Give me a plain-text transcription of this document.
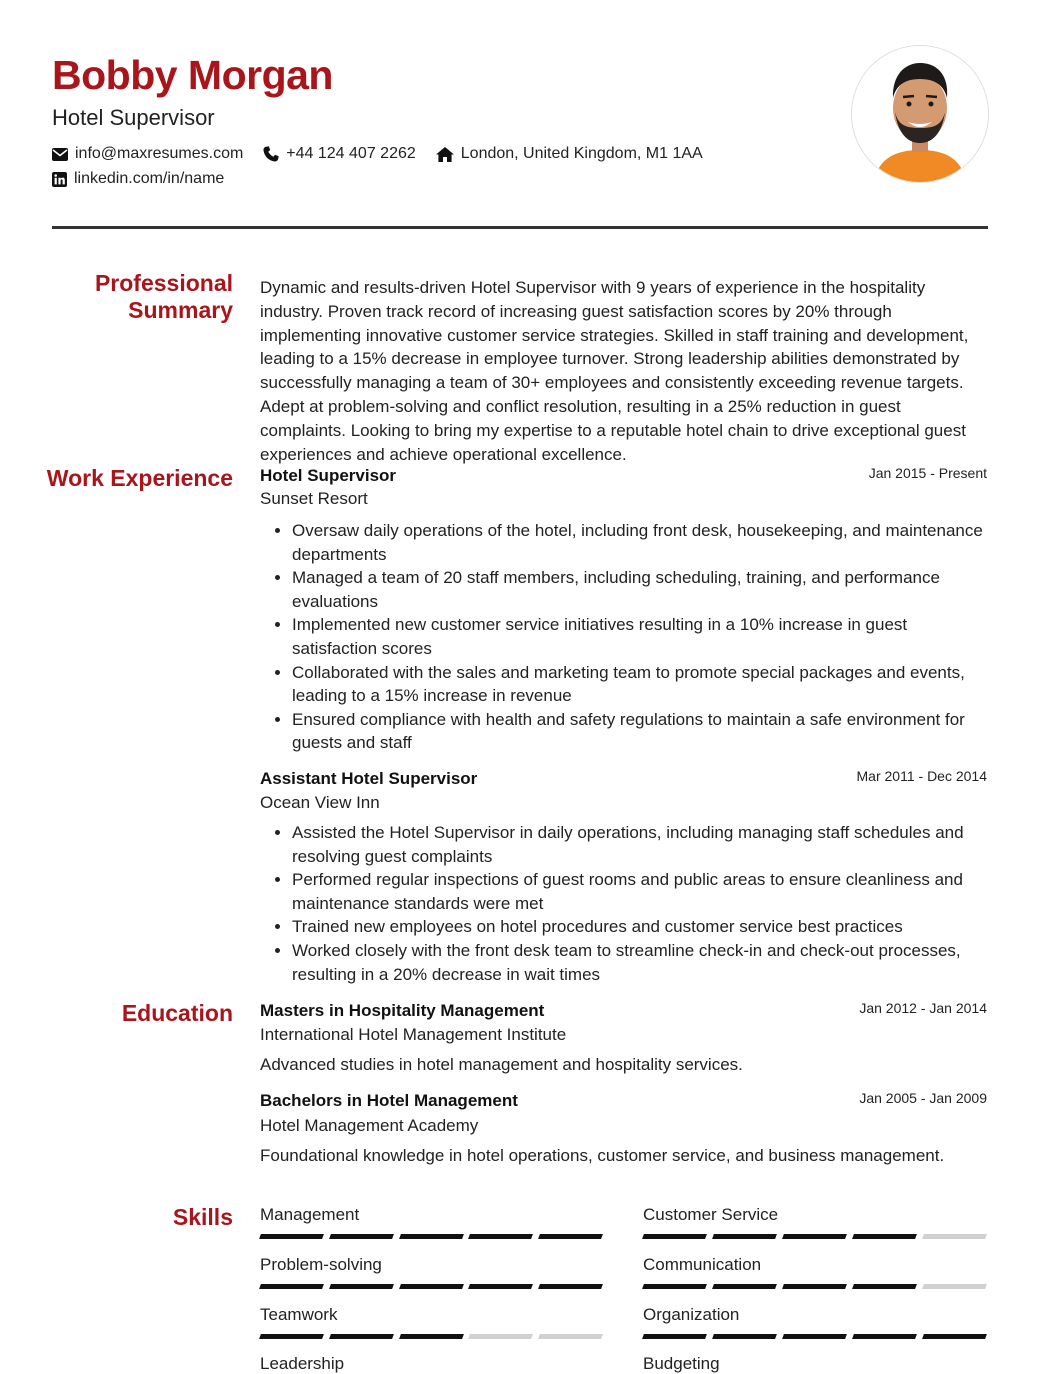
Bobby Morgan
Hotel Supervisor
info@maxresumes.com	+44 124 407 2262	London, United Kingdom, M1 1AA
linkedin.com/in/name
Professional Summary
Dynamic and results-driven Hotel Supervisor with 9 years of experience in the hospitality industry. Proven track record of increasing guest satisfaction scores by 20% through implementing innovative customer service strategies. Skilled in staff training and development, leading to a 15% decrease in employee turnover. Strong leadership abilities demonstrated by successfully managing a team of 30+ employees and consistently exceeding revenue targets. Adept at problem-solving and conflict resolution, resulting in a 25% reduction in guest complaints. Looking to bring my expertise to a reputable hotel chain to drive exceptional guest experiences and achieve operational excellence.
Work Experience Hotel Supervisor	Jan 2015 - Present
Sunset Resort
• Oversaw daily operations of the hotel, including front desk, housekeeping, and maintenance departments
• Managed a team of 20 staff members, including scheduling, training, and performance evaluations
• Implemented new customer service initiatives resulting in a 10% increase in guest satisfaction scores
• Collaborated with the sales and marketing team to promote special packages and events, leading to a 15% increase in revenue
• Ensured compliance with health and safety regulations to maintain a safe environment for guests and staff
Assistant Hotel Supervisor	Mar 2011 - Dec 2014
Ocean View Inn
• Assisted the Hotel Supervisor in daily operations, including managing staff schedules and resolving guest complaints
• Performed regular inspections of guest rooms and public areas to ensure cleanliness and maintenance standards were met
• Trained new employees on hotel procedures and customer service best practices
• Worked closely with the front desk team to streamline check-in and check-out processes, resulting in a 20% decrease in wait times
Education Masters in Hospitality Management	Jan 2012 - Jan 2014
International Hotel Management Institute
Advanced studies in hotel management and hospitality services.
Bachelors in Hotel Management	Jan 2005 - Jan 2009
Hotel Management Academy
Foundational knowledge in hotel operations, customer service, and business management.
Skills Management	Customer Service
Problem-solving	Communication
Teamwork	Organization
Leadership	Budgeting
